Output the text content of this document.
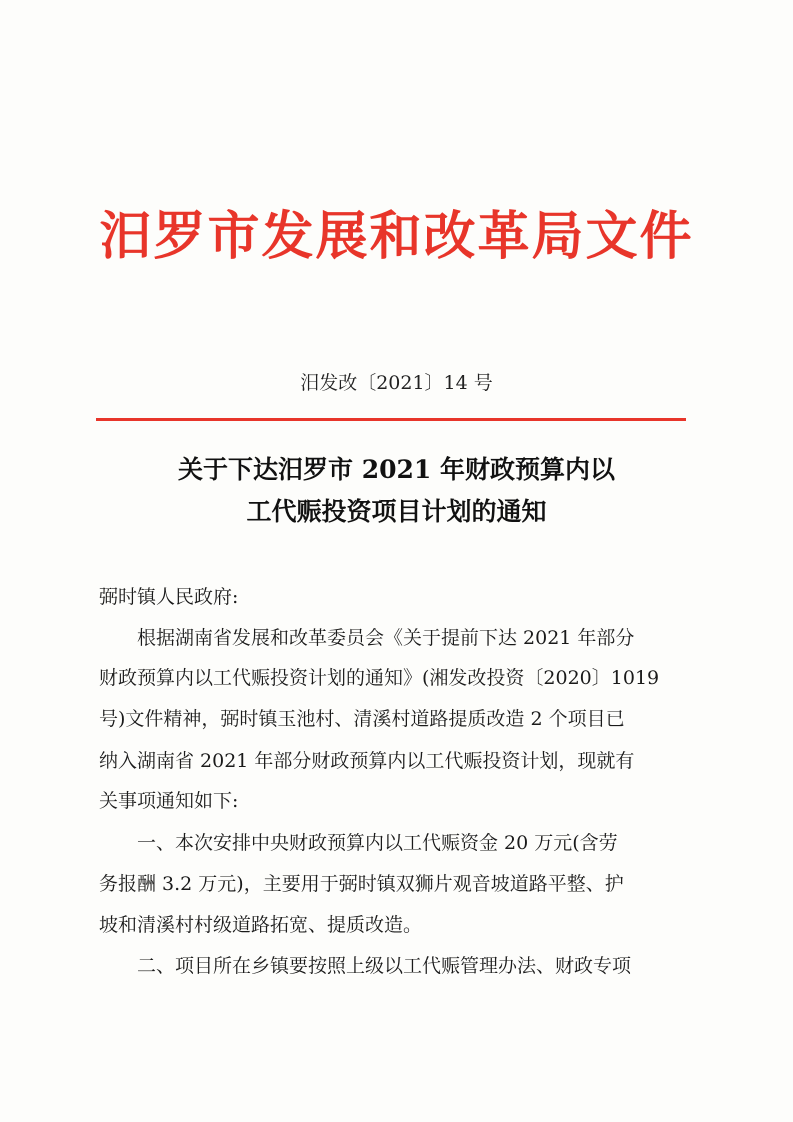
汨罗市发展和改革局文件
汨发改〔2021〕14 号
关于下达汨罗市 2021 年财政预算内以
工代赈投资项目计划的通知
弼时镇人民政府:
　　根据湖南省发展和改革委员会《关于提前下达 2021 年部分
财政预算内以工代赈投资计划的通知》(湘发改投资〔2020〕1019
号)文件精神，弼时镇玉池村、清溪村道路提质改造 2 个项目已
纳入湖南省 2021 年部分财政预算内以工代赈投资计划，现就有
关事项通知如下:
　　一、本次安排中央财政预算内以工代赈资金 20 万元(含劳
务报酬 3.2 万元)，主要用于弼时镇双狮片观音坡道路平整、护
坡和清溪村村级道路拓宽、提质改造。
　　二、项目所在乡镇要按照上级以工代赈管理办法、财政专项
